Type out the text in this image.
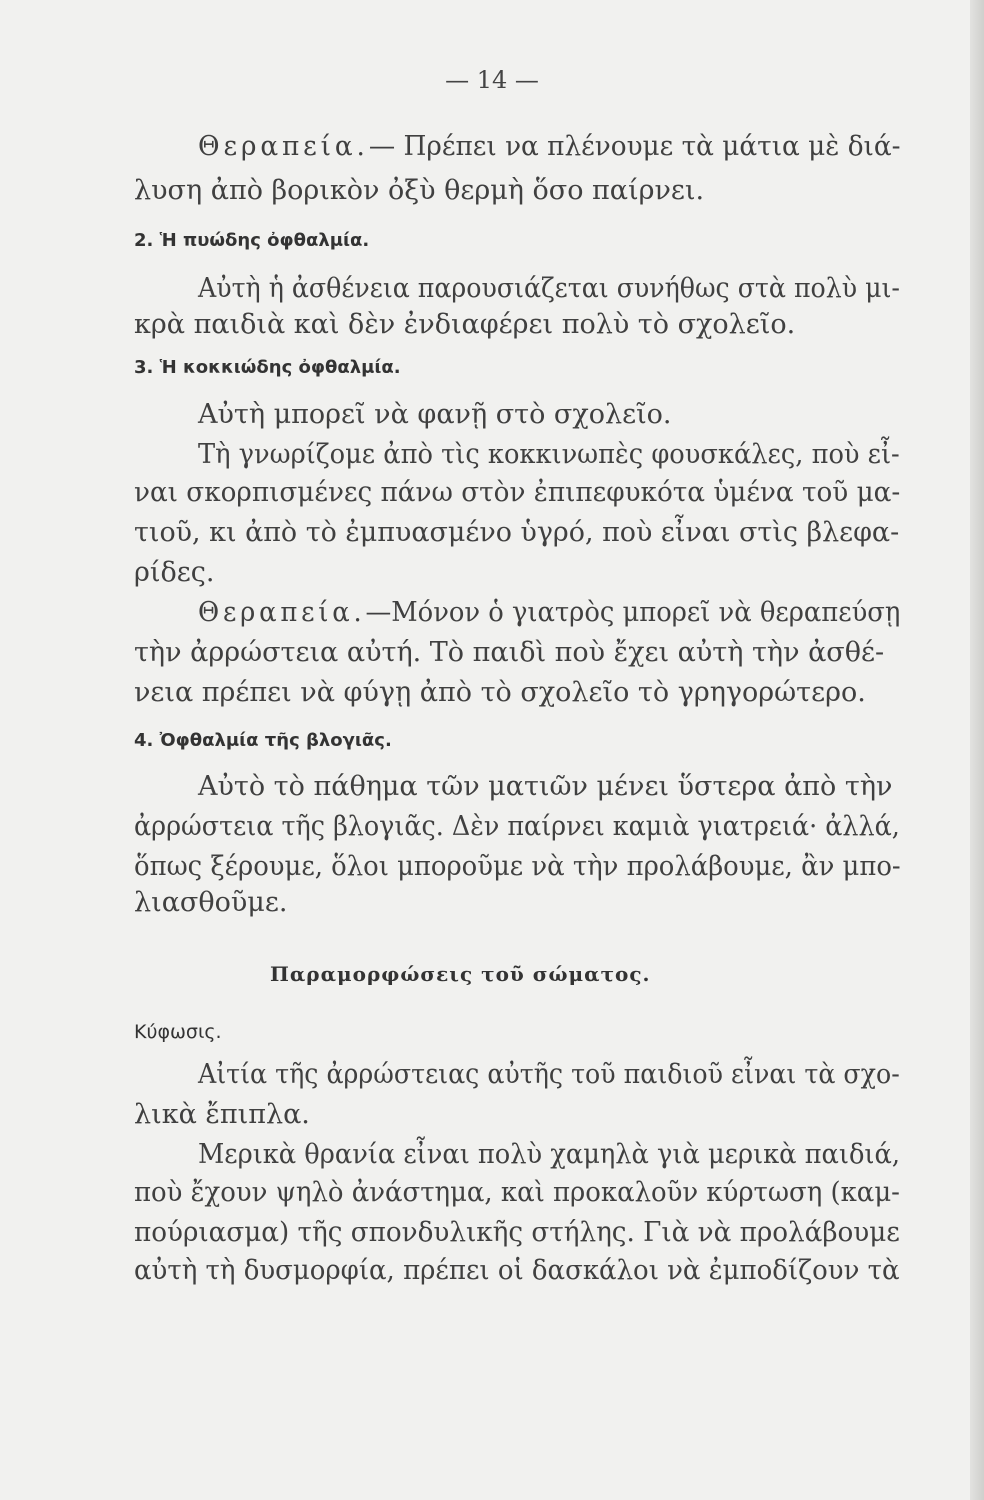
— 14 —
Θεραπεία.— Πρέπει να πλένουμε τὰ μάτια μὲ διά-
λυση ἀπὸ βορικὸν ὀξὺ θερμὴ ὅσο παίρνει.
2. Ἡ πυώδης ὀφθαλμία.
Αὐτὴ ἡ ἀσθένεια παρουσιάζεται συνήθως στὰ πολὺ μι-
κρὰ παιδιὰ καὶ δὲν ἐνδιαφέρει πολὺ τὸ σχολεῖο.
3. Ἡ κοκκιώδης ὀφθαλμία.
Αὐτὴ μπορεῖ νὰ φανῇ στὸ σχολεῖο.
Τὴ γνωρίζομε ἀπὸ τὶς κοκκινωπὲς φουσκάλες, ποὺ εἶ-
ναι σκορπισμένες πάνω στὸν ἐπιπεφυκότα ὑμένα τοῦ μα-
τιοῦ, κι ἀπὸ τὸ ἐμπυασμένο ὑγρό, ποὺ εἶναι στὶς βλεφα-
ρίδες.
Θεραπεία.—Μόνον ὁ γιατρὸς μπορεῖ νὰ θεραπεύσῃ
τὴν ἀρρώστεια αὐτή. Τὸ παιδὶ ποὺ ἔχει αὐτὴ τὴν ἀσθέ-
νεια πρέπει νὰ φύγῃ ἀπὸ τὸ σχολεῖο τὸ γρηγορώτερο.
4. Ὀφθαλμία τῆς βλογιᾶς.
Αὐτὸ τὸ πάθημα τῶν ματιῶν μένει ὕστερα ἀπὸ τὴν
ἀρρώστεια τῆς βλογιᾶς. Δὲν παίρνει καμιὰ γιατρειά· ἀλλά,
ὅπως ξέρουμε, ὅλοι μποροῦμε νὰ τὴν προλάβουμε, ἂν μπο-
λιασθοῦμε.
Παραμορφώσεις τοῦ σώματος.
Κύφωσις.
Αἰτία τῆς ἀρρώστειας αὐτῆς τοῦ παιδιοῦ εἶναι τὰ σχο-
λικὰ ἔπιπλα.
Μερικὰ θρανία εἶναι πολὺ χαμηλὰ γιὰ μερικὰ παιδιά,
ποὺ ἔχουν ψηλὸ ἀνάστημα, καὶ προκαλοῦν κύρτωση (καμ-
πούριασμα) τῆς σπονδυλικῆς στήλης. Γιὰ νὰ προλάβουμε
αὐτὴ τὴ δυσμορφία, πρέπει οἱ δασκάλοι νὰ ἐμποδίζουν τὰ
